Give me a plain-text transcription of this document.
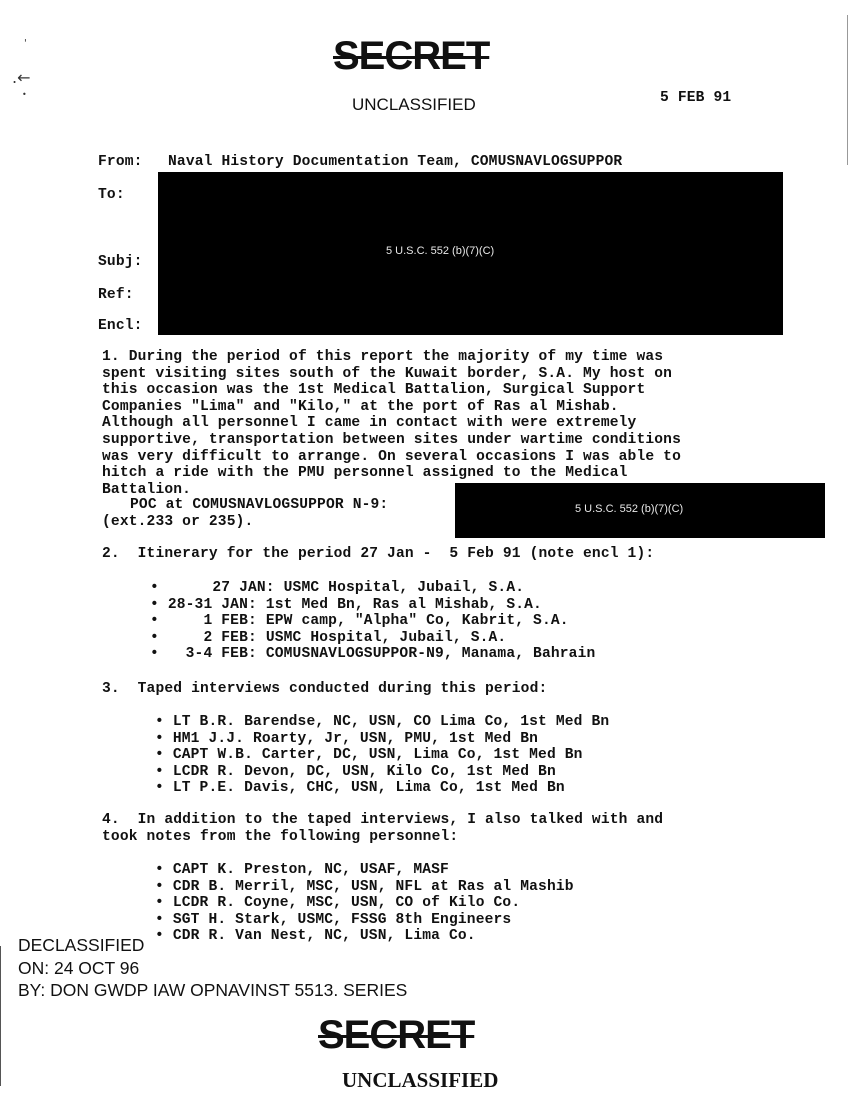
'
.←
•
SECRET
UNCLASSIFIED	5 FEB 91
From: Naval History Documentation Team, COMUSNAVLOGSUPPOR
To:
Subj:
Ref:
Encl:
5 U.S.C. 552 (b)(7)(C)
1. During the period of this report the majority of my time was
spent visiting sites south of the Kuwait border, S.A. My host on
this occasion was the 1st Medical Battalion, Surgical Support
Companies "Lima" and "Kilo," at the port of Ras al Mishab.
Although all personnel I came in contact with were extremely
supportive, transportation between sites under wartime conditions
was very difficult to arrange. On several occasions I was able to
hitch a ride with the PMU personnel assigned to the Medical
Battalion.
POC at COMUSNAVLOGSUPPOR N-9:
(ext.233 or 235).
5 U.S.C. 552 (b)(7)(C)
2.  Itinerary for the period 27 Jan -  5 Feb 91 (note encl 1):
•      27 JAN: USMC Hospital, Jubail, S.A.
• 28-31 JAN: 1st Med Bn, Ras al Mishab, S.A.
•     1 FEB: EPW camp, "Alpha" Co, Kabrit, S.A.
•     2 FEB: USMC Hospital, Jubail, S.A.
•   3-4 FEB: COMUSNAVLOGSUPPOR-N9, Manama, Bahrain
3.  Taped interviews conducted during this period:
• LT B.R. Barendse, NC, USN, CO Lima Co, 1st Med Bn
• HM1 J.J. Roarty, Jr, USN, PMU, 1st Med Bn
• CAPT W.B. Carter, DC, USN, Lima Co, 1st Med Bn
• LCDR R. Devon, DC, USN, Kilo Co, 1st Med Bn
• LT P.E. Davis, CHC, USN, Lima Co, 1st Med Bn
4.  In addition to the taped interviews, I also talked with and
took notes from the following personnel:
• CAPT K. Preston, NC, USAF, MASF
• CDR B. Merril, MSC, USN, NFL at Ras al Mashib
• LCDR R. Coyne, MSC, USN, CO of Kilo Co.
• SGT H. Stark, USMC, FSSG 8th Engineers
• CDR R. Van Nest, NC, USN, Lima Co.
DECLASSIFIED
ON: 24 OCT 96
BY: DON GWDP IAW OPNAVINST 5513. SERIES
SECRET
UNCLASSIFIED
